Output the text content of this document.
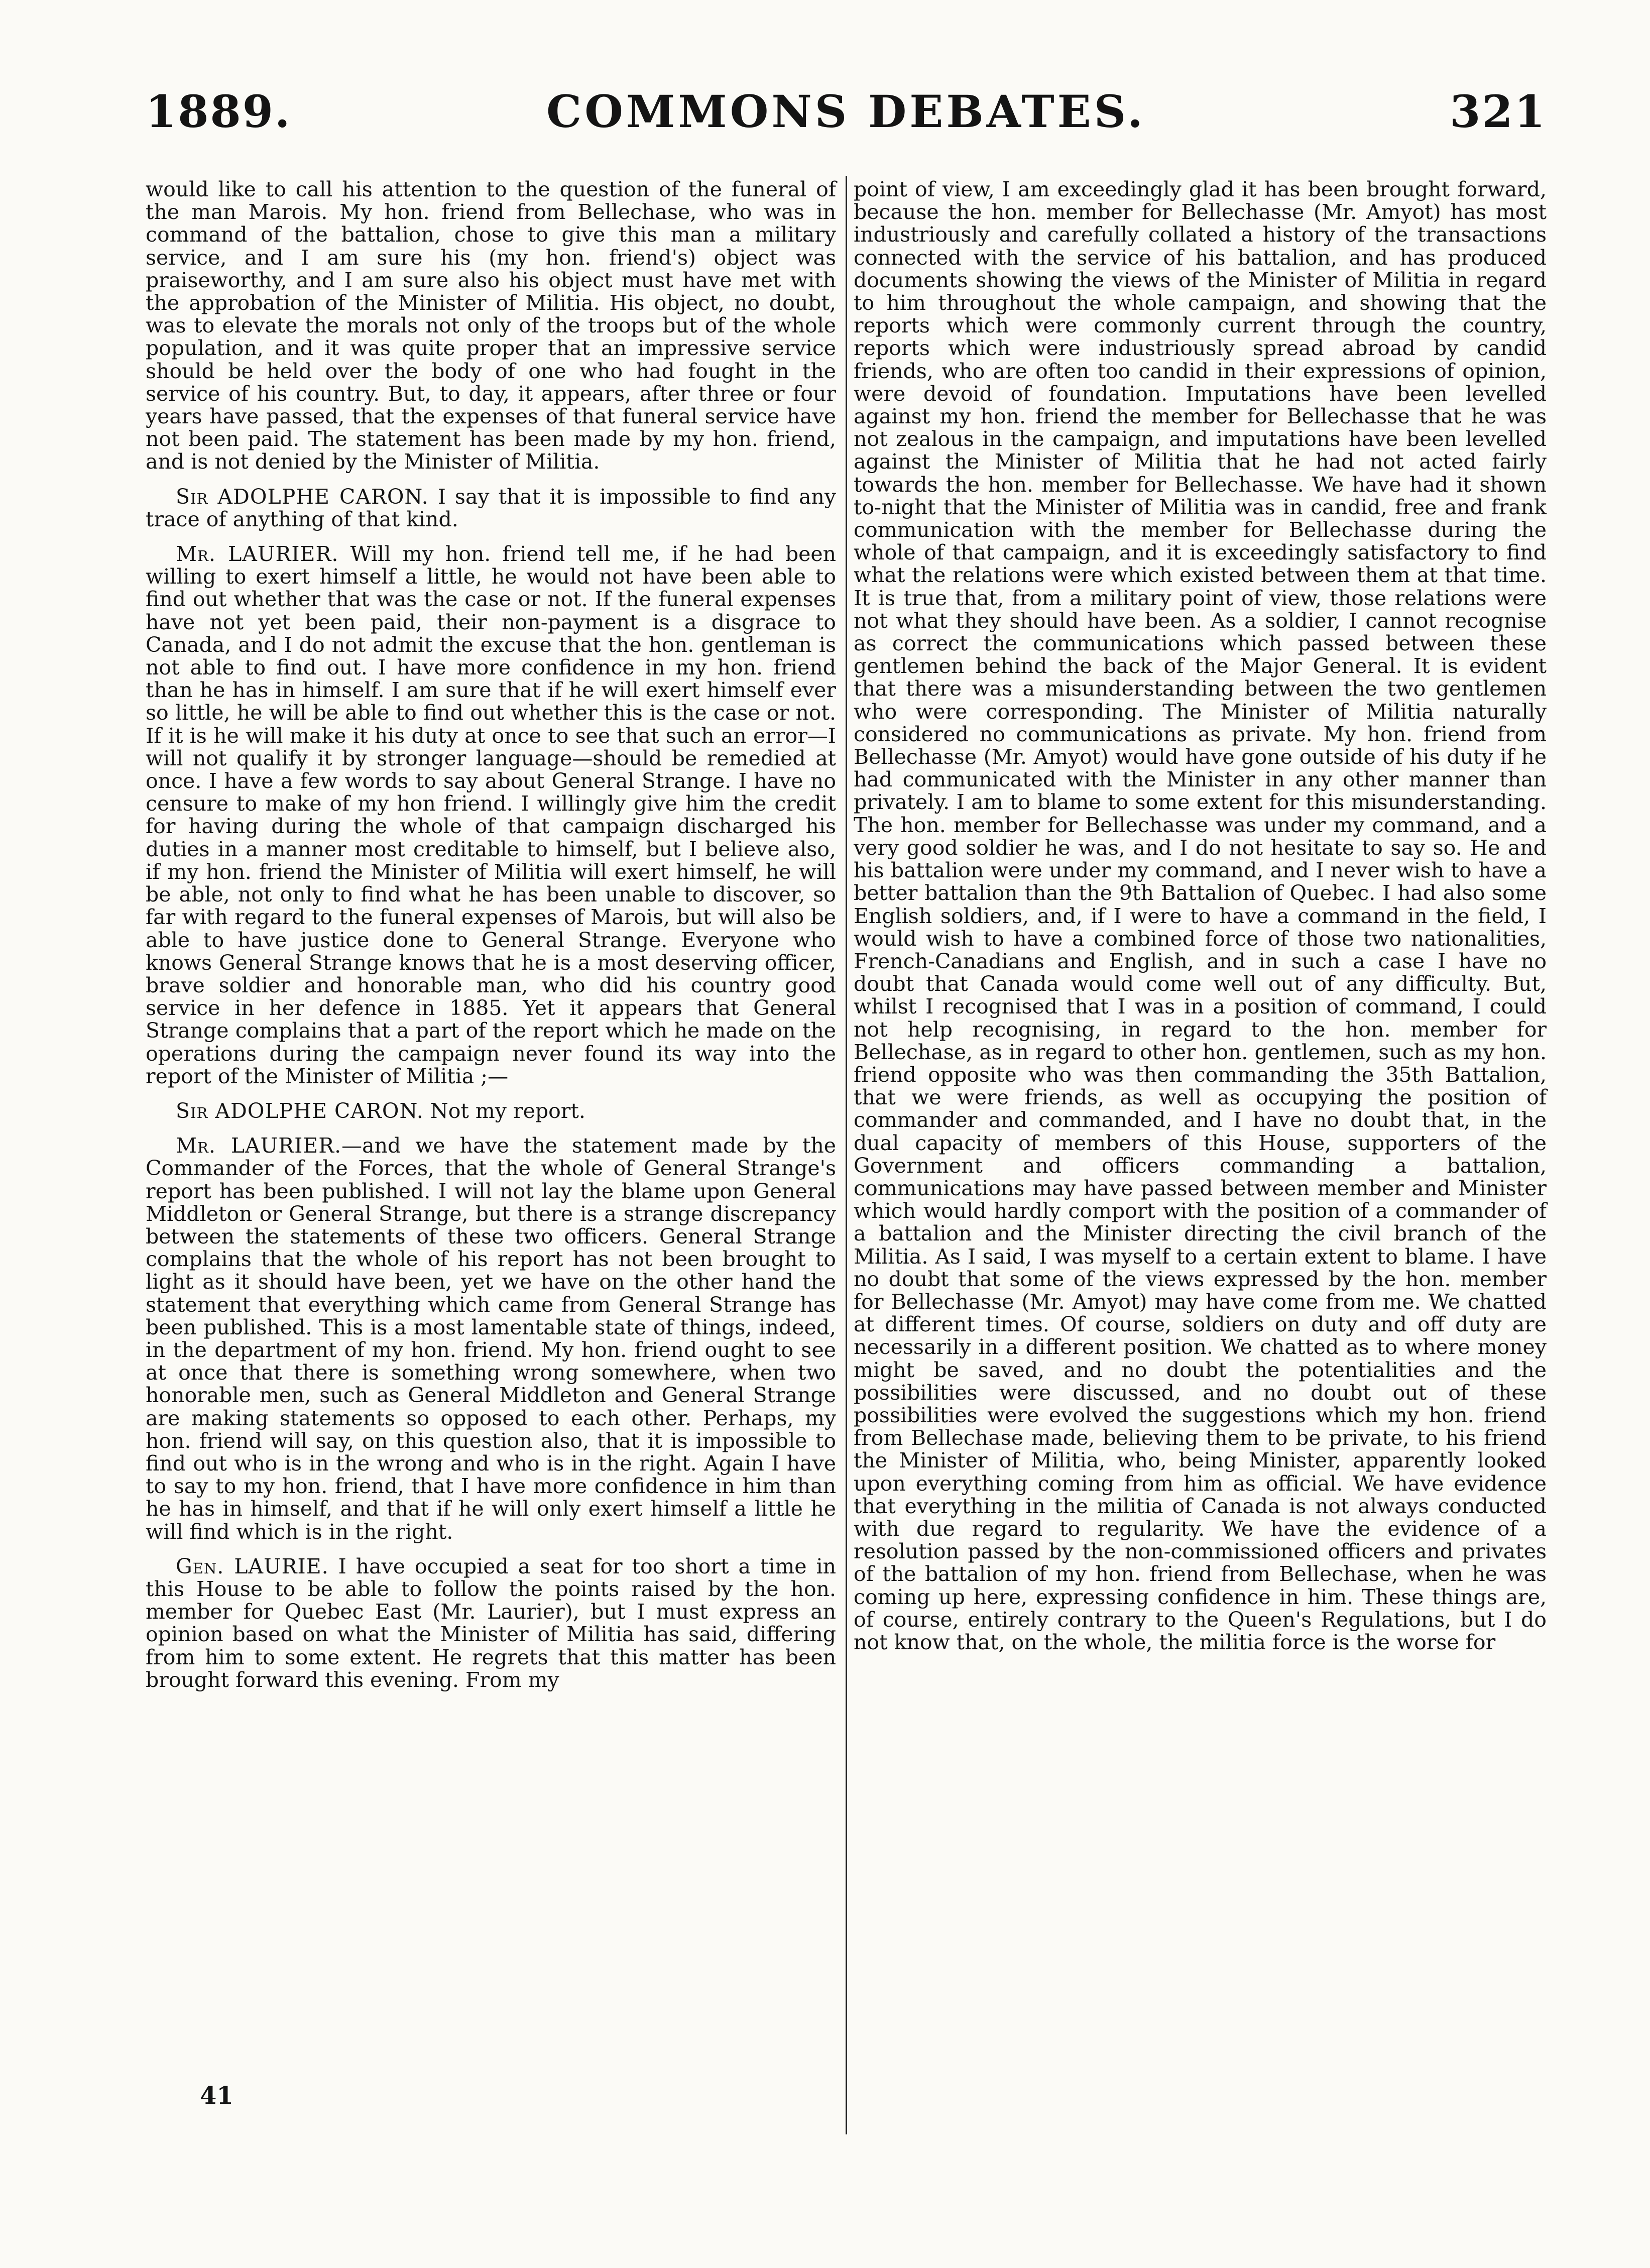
1889.	COMMONS DEBATES.	321

would like to call his attention to the question of the funeral of the man Marois. My hon. friend from Bellechase, who was in command of the battalion, chose to give this man a military service, and I am sure his (my hon. friend's) object was praiseworthy, and I am sure also his object must have met with the approbation of the Minister of Militia. His object, no doubt, was to elevate the morals not only of the troops but of the whole population, and it was quite proper that an impressive service should be held over the body of one who had fought in the service of his country. But, to day, it appears, after three or four years have passed, that the expenses of that funeral service have not been paid. The statement has been made by my hon. friend, and is not denied by the Minister of Militia.

Sir ADOLPHE CARON. I say that it is impossible to find any trace of anything of that kind.

Mr. LAURIER. Will my hon. friend tell me, if he had been willing to exert himself a little, he would not have been able to find out whether that was the case or not. If the funeral expenses have not yet been paid, their non-payment is a disgrace to Canada, and I do not admit the excuse that the hon. gentleman is not able to find out. I have more confidence in my hon. friend than he has in himself. I am sure that if he will exert himself ever so little, he will be able to find out whether this is the case or not. If it is he will make it his duty at once to see that such an error—I will not qualify it by stronger language—should be remedied at once. I have a few words to say about General Strange. I have no censure to make of my hon friend. I willingly give him the credit for having during the whole of that campaign discharged his duties in a manner most creditable to himself, but I believe also, if my hon. friend the Minister of Militia will exert himself, he will be able, not only to find what he has been unable to discover, so far with regard to the funeral expenses of Marois, but will also be able to have justice done to General Strange. Everyone who knows General Strange knows that he is a most deserving officer, brave soldier and honorable man, who did his country good service in her defence in 1885. Yet it appears that General Strange complains that a part of the report which he made on the operations during the campaign never found its way into the report of the Minister of Militia ;—

Sir ADOLPHE CARON. Not my report.

Mr. LAURIER.—and we have the statement made by the Commander of the Forces, that the whole of General Strange's report has been published. I will not lay the blame upon General Middleton or General Strange, but there is a strange discrepancy between the statements of these two officers. General Strange complains that the whole of his report has not been brought to light as it should have been, yet we have on the other hand the statement that everything which came from General Strange has been published. This is a most lamentable state of things, indeed, in the department of my hon. friend. My hon. friend ought to see at once that there is something wrong somewhere, when two honorable men, such as General Middleton and General Strange are making statements so opposed to each other. Perhaps, my hon. friend will say, on this question also, that it is impossible to find out who is in the wrong and who is in the right. Again I have to say to my hon. friend, that I have more confidence in him than he has in himself, and that if he will only exert himself a little he will find which is in the right.

Gen. LAURIE. I have occupied a seat for too short a time in this House to be able to follow the points raised by the hon. member for Quebec East (Mr. Laurier), but I must express an opinion based on what the Minister of Militia has said, differing from him to some extent. He regrets that this matter has been brought forward this evening. From my

point of view, I am exceedingly glad it has been brought forward, because the hon. member for Bellechasse (Mr. Amyot) has most industriously and carefully collated a history of the transactions connected with the service of his battalion, and has produced documents showing the views of the Minister of Militia in regard to him throughout the whole campaign, and showing that the reports which were commonly current through the country, reports which were industriously spread abroad by candid friends, who are often too candid in their expressions of opinion, were devoid of foundation. Imputations have been levelled against my hon. friend the member for Bellechasse that he was not zealous in the campaign, and imputations have been levelled against the Minister of Militia that he had not acted fairly towards the hon. member for Bellechasse. We have had it shown to-night that the Minister of Militia was in candid, free and frank communication with the member for Bellechasse during the whole of that campaign, and it is exceedingly satisfactory to find what the relations were which existed between them at that time. It is true that, from a military point of view, those relations were not what they should have been. As a soldier, I cannot recognise as correct the communications which passed between these gentlemen behind the back of the Major General. It is evident that there was a misunderstanding between the two gentlemen who were corresponding. The Minister of Militia naturally considered no communications as private. My hon. friend from Bellechasse (Mr. Amyot) would have gone outside of his duty if he had communicated with the Minister in any other manner than privately. I am to blame to some extent for this misunderstanding. The hon. member for Bellechasse was under my command, and a very good soldier he was, and I do not hesitate to say so. He and his battalion were under my command, and I never wish to have a better battalion than the 9th Battalion of Quebec. I had also some English soldiers, and, if I were to have a command in the field, I would wish to have a combined force of those two nationalities, French-Canadians and English, and in such a case I have no doubt that Canada would come well out of any difficulty. But, whilst I recognised that I was in a position of command, I could not help recognising, in regard to the hon. member for Bellechase, as in regard to other hon. gentlemen, such as my hon. friend opposite who was then commanding the 35th Battalion, that we were friends, as well as occupying the position of commander and commanded, and I have no doubt that, in the dual capacity of members of this House, supporters of the Government and officers commanding a battalion, communications may have passed between member and Minister which would hardly comport with the position of a commander of a battalion and the Minister directing the civil branch of the Militia. As I said, I was myself to a certain extent to blame. I have no doubt that some of the views expressed by the hon. member for Bellechasse (Mr. Amyot) may have come from me. We chatted at different times. Of course, soldiers on duty and off duty are necessarily in a different position. We chatted as to where money might be saved, and no doubt the potentialities and the possibilities were discussed, and no doubt out of these possibilities were evolved the suggestions which my hon. friend from Bellechase made, believing them to be private, to his friend the Minister of Militia, who, being Minister, apparently looked upon everything coming from him as official. We have evidence that everything in the militia of Canada is not always conducted with due regard to regularity. We have the evidence of a resolution passed by the non-commissioned officers and privates of the battalion of my hon. friend from Bellechase, when he was coming up here, expressing confidence in him. These things are, of course, entirely contrary to the Queen's Regulations, but I do not know that, on the whole, the militia force is the worse for

41
